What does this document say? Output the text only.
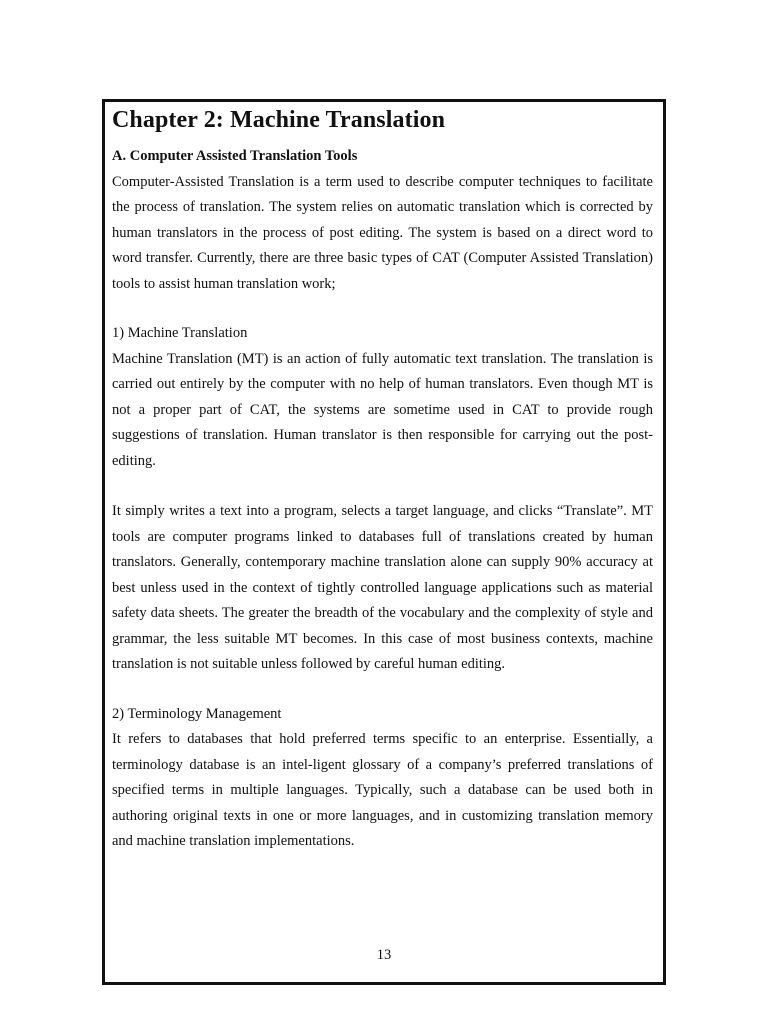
Chapter 2: Machine Translation
A. Computer Assisted Translation Tools

Computer-Assisted Translation is a term used to describe computer techniques to facilitate the process of translation. The system relies on automatic translation which is corrected by human translators in the process of post editing. The system is based on a direct word to word transfer. Currently, there are three basic types of CAT (Computer Assisted Translation) tools to assist human translation work;

1) Machine Translation

Machine Translation (MT) is an action of fully automatic text translation. The translation is carried out entirely by the computer with no help of human translators. Even though MT is not a proper part of CAT, the systems are sometime used in CAT to provide rough suggestions of translation. Human translator is then responsible for carrying out the post-editing.

It simply writes a text into a program, selects a target language, and clicks “Translate”. MT tools are computer programs linked to databases full of translations created by human translators. Generally, contemporary machine translation alone can supply 90% accuracy at best unless used in the context of tightly controlled language applications such as material safety data sheets. The greater the breadth of the vocabulary and the complexity of style and grammar, the less suitable MT becomes. In this case of most business contexts, machine translation is not suitable unless followed by careful human editing.

2) Terminology Management

It refers to databases that hold preferred terms specific to an enterprise. Essentially, a terminology database is an intel-ligent glossary of a company’s preferred translations of specified terms in multiple languages. Typically, such a database can be used both in authoring original texts in one or more languages, and in customizing translation memory and machine translation implementations.

13
